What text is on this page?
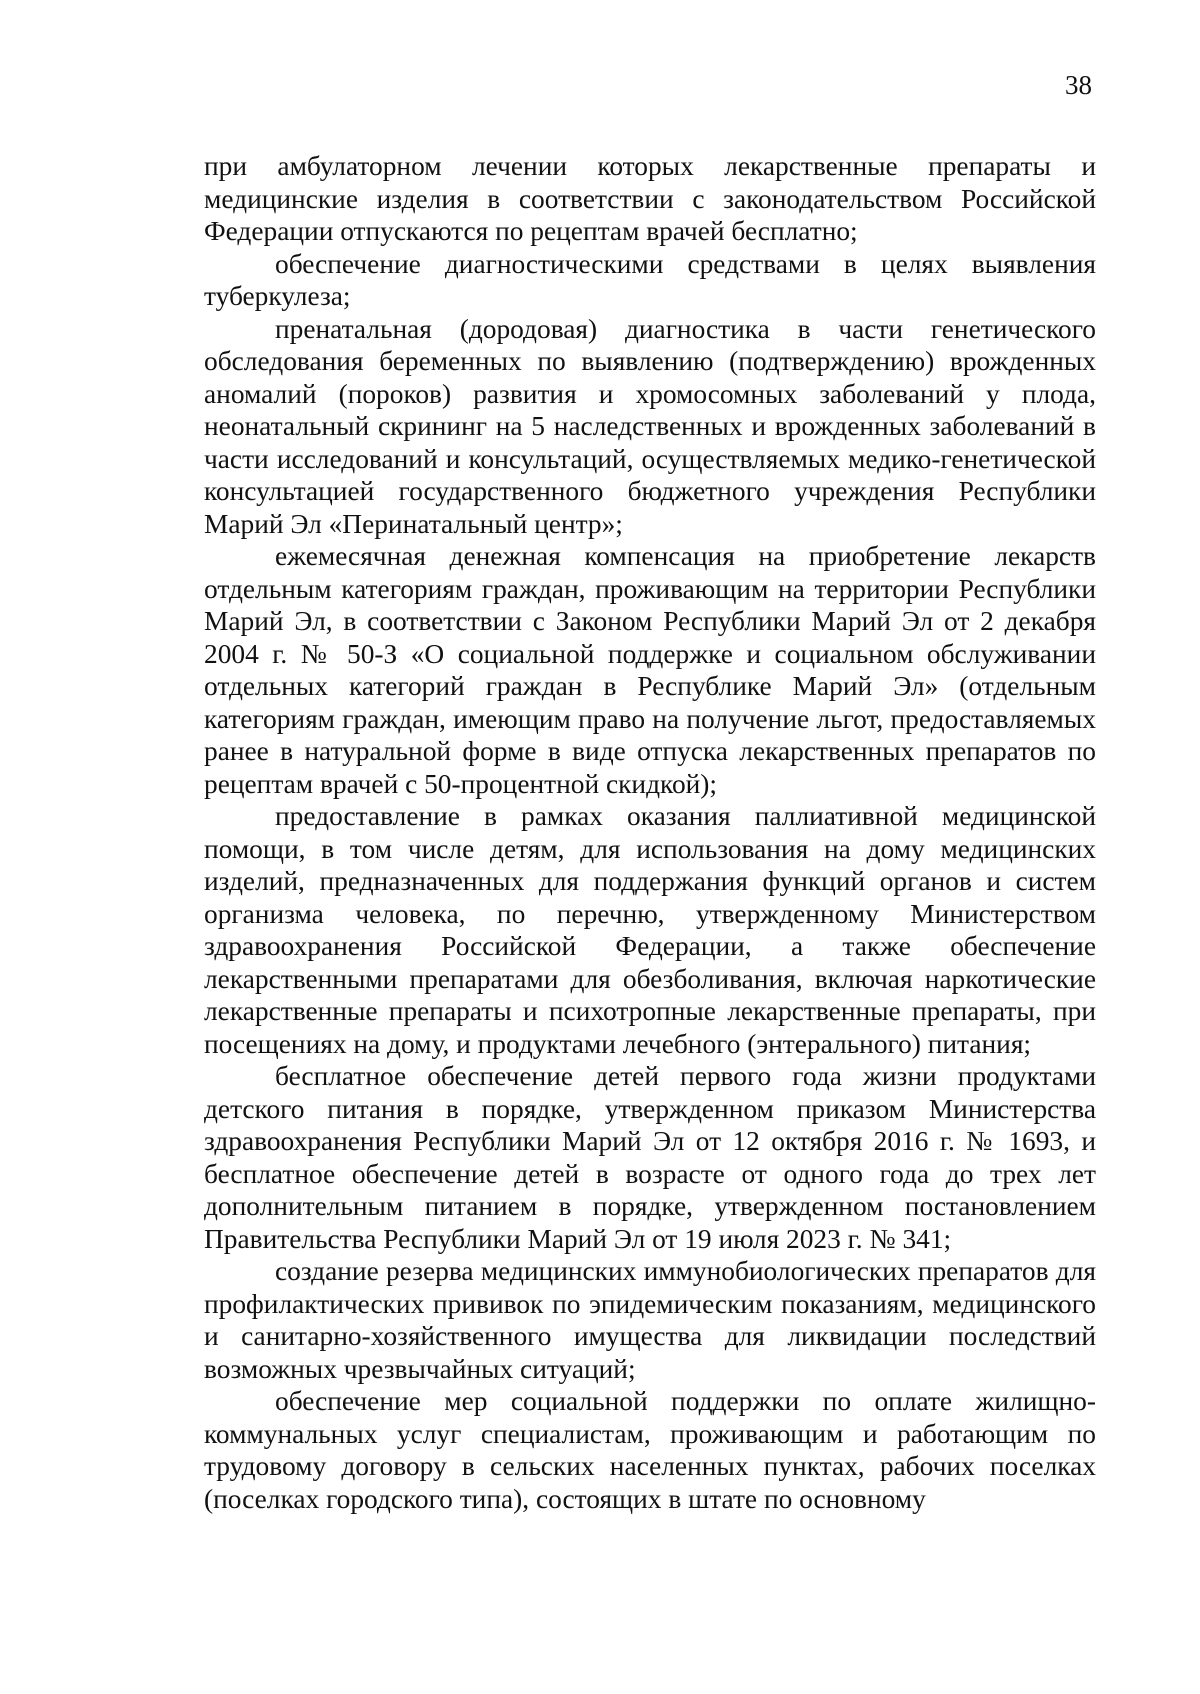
38

при амбулаторном лечении которых лекарственные препараты и медицинские изделия в соответствии с законодательством Российской Федерации отпускаются по рецептам врачей бесплатно;

обеспечение диагностическими средствами в целях выявления туберкулеза;

пренатальная (дородовая) диагностика в части генетического обследования беременных по выявлению (подтверждению) врожденных аномалий (пороков) развития и хромосомных заболеваний у плода, неонатальный скрининг на 5 наследственных и врожденных заболеваний в части исследований и консультаций, осуществляемых медико-генетической консультацией государственного бюджетного учреждения Республики Марий Эл «Перинатальный центр»;

ежемесячная денежная компенсация на приобретение лекарств отдельным категориям граждан, проживающим на территории Республики Марий Эл, в соответствии с Законом Республики Марий Эл от 2 декабря 2004 г. № 50-З «О социальной поддержке и социальном обслуживании отдельных категорий граждан в Республике Марий Эл» (отдельным категориям граждан, имеющим право на получение льгот, предоставляемых ранее в натуральной форме в виде отпуска лекарственных препаратов по рецептам врачей с 50-процентной скидкой);

предоставление в рамках оказания паллиативной медицинской помощи, в том числе детям, для использования на дому медицинских изделий, предназначенных для поддержания функций органов и систем организма человека, по перечню, утвержденному Министерством здравоохранения Российской Федерации, а также обеспечение лекарственными препаратами для обезболивания, включая наркотические лекарственные препараты и психотропные лекарственные препараты, при посещениях на дому, и продуктами лечебного (энтерального) питания;

бесплатное обеспечение детей первого года жизни продуктами детского питания в порядке, утвержденном приказом Министерства здравоохранения Республики Марий Эл от 12 октября 2016 г. № 1693, и бесплатное обеспечение детей в возрасте от одного года до трех лет дополнительным питанием в порядке, утвержденном постановлением Правительства Республики Марий Эл от 19 июля 2023 г. № 341;

создание резерва медицинских иммунобиологических препаратов для профилактических прививок по эпидемическим показаниям, медицинского и санитарно-хозяйственного имущества для ликвидации последствий возможных чрезвычайных ситуаций;

обеспечение мер социальной поддержки по оплате жилищно-коммунальных услуг специалистам, проживающим и работающим по трудовому договору в сельских населенных пунктах, рабочих поселках (поселках городского типа), состоящих в штате по основному
